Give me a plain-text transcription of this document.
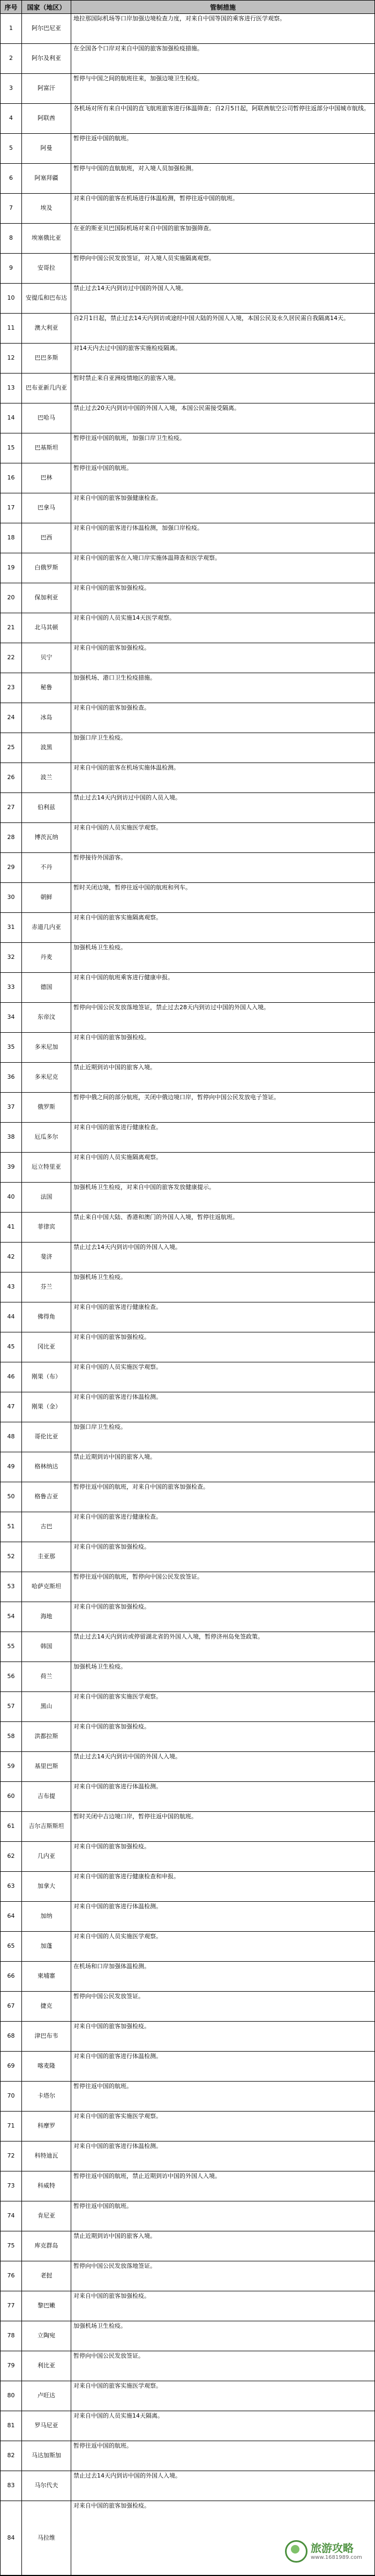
序号	国家（地区）	管制措施
1	阿尔巴尼亚
地拉那国际机场等口岸加强边境检查力度，对来自中国等国的乘客进行医学观察。
2	阿尔及利亚
在全国各个口岸对来自中国的旅客加强检疫措施。
3	阿富汗
暂停与中国之间的航班往来，加强边境卫生检疫。
4	阿联酋
各机场对所有来自中国的直飞航班旅客进行体温筛查；自2月5日起，阿联酋航空公司暂停往返部分中国城市航线。
5	阿曼
暂停往返中国的航班。
6	阿塞拜疆
暂停与中国的直航航班，对入境人员加强检测。
7	埃及
对来自中国的旅客在机场进行体温检测，暂停往返中国的航班。
8	埃塞俄比亚
在亚的斯亚贝巴国际机场对来自中国的旅客加强筛查。
9	安哥拉
暂停向中国公民发放签证，对入境人员实施隔离观察。
10	安提瓜和巴布达
禁止过去14天内到访过中国的外国人入境。
11	澳大利亚
自2月1日起，禁止过去14天内到访或途经中国大陆的外国人入境，本国公民及永久居民需自我隔离14天。
12	巴巴多斯
对14天内去过中国的旅客实施检疫隔离。
13	巴布亚新几内亚
暂时禁止来自亚洲疫情地区的旅客入境。
14	巴哈马
禁止过去20天内到访中国的外国人入境，本国公民需接受隔离。
15	巴基斯坦
暂停往返中国的航班，加强口岸卫生检疫。
16	巴林
暂停往返中国的航班。
17	巴拿马
对来自中国的旅客加强健康检查。
18	巴西
对来自中国的旅客进行体温检测，加强口岸检疫。
19	白俄罗斯
对来自中国的旅客在入境口岸实施体温筛查和医学观察。
20	保加利亚
对来自中国的旅客加强检疫。
21	北马其顿
对来自中国的人员实施14天医学观察。
22	贝宁
对来自中国的旅客加强检疫。
23	秘鲁
加强机场、港口卫生检疫措施。
24	冰岛
对来自中国的旅客加强检查。
25	波黑
加强口岸卫生检疫。
26	波兰
对来自中国的旅客在机场实施体温检测。
27	伯利兹
禁止过去14天内到访过中国的人员入境。
28	博茨瓦纳
对来自中国的人员实施医学观察。
29	不丹
暂停接待外国游客。
30	朝鲜
暂时关闭边境，暂停往返中国的航班和列车。
31	赤道几内亚
对来自中国的旅客实施隔离观察。
32	丹麦
加强机场卫生检疫。
33	德国
对来自中国的航班乘客进行健康申报。
34	东帝汶
暂停向中国公民发放落地签证，禁止过去28天内到访过中国的外国人入境。
35	多米尼加
对来自中国的旅客加强检疫。
36	多米尼克
禁止近期到访中国的旅客入境。
37	俄罗斯
暂停中俄之间的部分航班，关闭中俄边境口岸，暂停向中国公民发放电子签证。
38	厄瓜多尔
对来自中国的旅客进行健康检查。
39	厄立特里亚
对来自中国的人员实施隔离观察。
40	法国
加强机场卫生检疫，对来自中国的旅客发放健康提示。
41	菲律宾
禁止来自中国大陆、香港和澳门的外国人入境，暂停往返航班。
42	斐济
禁止过去14天内到访中国的外国人入境。
43	芬兰
加强机场卫生检疫。
44	佛得角
对来自中国的旅客进行健康检查。
45	冈比亚
对来自中国的旅客加强检疫。
46	刚果（布）
对来自中国的人员实施医学观察。
47	刚果（金）
对来自中国的旅客进行体温检测。
48	哥伦比亚
加强口岸卫生检疫。
49	格林纳达
禁止近期到访中国的旅客入境。
50	格鲁吉亚
暂停往返中国的航班，对来自中国的旅客加强检查。
51	古巴
对来自中国的旅客进行健康检查。
52	圭亚那
对来自中国的旅客加强检疫。
53	哈萨克斯坦
暂停往返中国的航班，暂停向中国公民发放签证。
54	海地
对来自中国的旅客加强检疫。
55	韩国
禁止过去14天内到访或停留湖北省的外国人入境，暂停济州岛免签政策。
56	荷兰
加强机场卫生检疫。
57	黑山
对来自中国的旅客实施医学观察。
58	洪都拉斯
对来自中国的旅客加强检疫。
59	基里巴斯
禁止过去14天内到访中国的外国人入境。
60	吉布提
对来自中国的旅客进行体温检测。
61	吉尔吉斯斯坦
暂时关闭中吉边境口岸，暂停往返中国的航班。
62	几内亚
对来自中国的旅客加强检疫。
63	加拿大
对来自中国的旅客进行健康检查和申报。
64	加纳
对来自中国的旅客进行体温检测。
65	加蓬
对来自中国的人员实施医学观察。
66	柬埔寨
在机场和口岸加强体温检测。
67	捷克
暂停向中国公民发放签证。
68	津巴布韦
对来自中国的旅客加强检疫。
69	喀麦隆
对来自中国的旅客进行体温检测。
70	卡塔尔
暂停往返中国的航班。
71	科摩罗
对来自中国的旅客实施医学观察。
72	科特迪瓦
对来自中国的旅客进行体温检测。
73	科威特
暂停往返中国的航班，禁止近期到访中国的外国人入境。
74	肯尼亚
暂停往返中国的航班。
75	库克群岛
禁止近期到访中国的旅客入境。
76	老挝
暂停向中国公民发放落地签证。
77	黎巴嫩
对来自中国的旅客加强检疫。
78	立陶宛
加强机场卫生检疫。
79	利比亚
暂停向中国公民发放签证。
80	卢旺达
对来自中国的旅客实施医学观察。
81	罗马尼亚
对来自中国的人员实施14天隔离。
82	马达加斯加
暂停往返中国的航班。
83	马尔代夫
禁止过去14天内到访中国的外国人入境。
84	马拉维
对来自中国的旅客加强检疫。
旅游攻略
www.1681989.com
